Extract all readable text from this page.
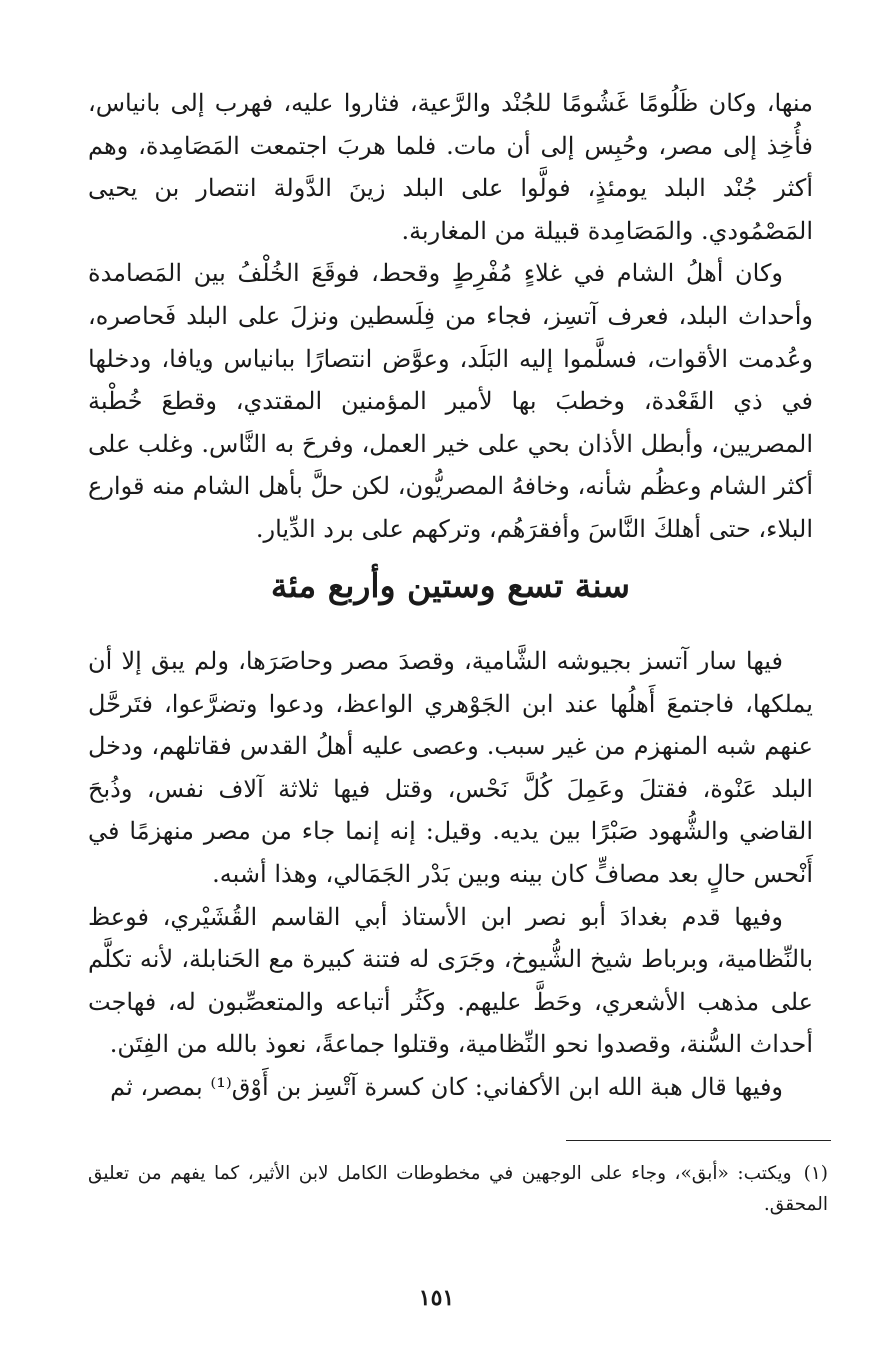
منها، وكان ظَلُومًا غَشُومًا للجُنْد والرَّعية، فثاروا عليه، فهرب إلى بانياس، فأُخِذ إلى مصر، وحُبِس إلى أن مات. فلما هربَ اجتمعت المَصَامِدة، وهم أكثر جُنْد البلد يومئذٍ، فولَّوا على البلد زينَ الدَّولة انتصار بن يحيى المَصْمُودي. والمَصَامِدة قبيلة من المغاربة.

وكان أهلُ الشام في غلاءٍ مُفْرِطٍ وقحط، فوقَعَ الخُلْفُ بين المَصامدة وأحداث البلد، فعرف آتسِز، فجاء من فِلَسطين ونزلَ على البلد فَحاصره، وعُدمت الأقوات، فسلَّموا إليه البَلَد، وعوَّض انتصارًا ببانياس ويافا، ودخلها في ذي القَعْدة، وخطبَ بها لأمير المؤمنين المقتدي، وقطعَ خُطْبة المصريين، وأبطل الأذان بحي على خير العمل، وفرحَ به النَّاس. وغلب على أكثر الشام وعظُم شأنه، وخافهُ المصريُّون، لكن حلَّ بأهل الشام منه قوارع البلاء، حتى أهلكَ النَّاسَ وأفقرَهُم، وتركهم على برد الدِّيار.

سنة تسع وستين وأربع مئة

فيها سار آتسز بجيوشه الشَّامية، وقصدَ مصر وحاصَرَها، ولم يبق إلا أن يملكها، فاجتمعَ أَهلُها عند ابن الجَوْهري الواعظ، ودعوا وتضرَّعوا، فتَرحَّل عنهم شبه المنهزم من غير سبب. وعصى عليه أهلُ القدس فقاتلهم، ودخل البلد عَنْوة، فقتلَ وعَمِلَ كُلَّ نَحْس، وقتل فيها ثلاثة آلاف نفس، وذُبحَ القاضي والشُّهود صَبْرًا بين يديه. وقيل: إنه إنما جاء من مصر منهزمًا في أَنْحس حالٍ بعد مصافٍّ كان بينه وبين بَدْر الجَمَالي، وهذا أشبه.

وفيها قدم بغدادَ أبو نصر ابن الأستاذ أبي القاسم القُشَيْري، فوعظ بالنِّظامية، وبرباط شيخ الشُّيوخ، وجَرَى له فتنة كبيرة مع الحَنابلة، لأنه تكلَّم على مذهب الأشعري، وحَطَّ عليهم. وكَثُر أتباعه والمتعصِّبون له، فهاجت أحداث السُّنة، وقصدوا نحو النِّظامية، وقتلوا جماعةً، نعوذ بالله من الفِتَن.

وفيها قال هبة الله ابن الأكفاني: كان كسرة آتْسِز بن أَوْق⁽¹⁾ بمصر، ثم

(١)ويكتب: «أبق»، وجاء على الوجهين في مخطوطات الكامل لابن الأثير، كما يفهم من تعليق المحقق.
١٥١
